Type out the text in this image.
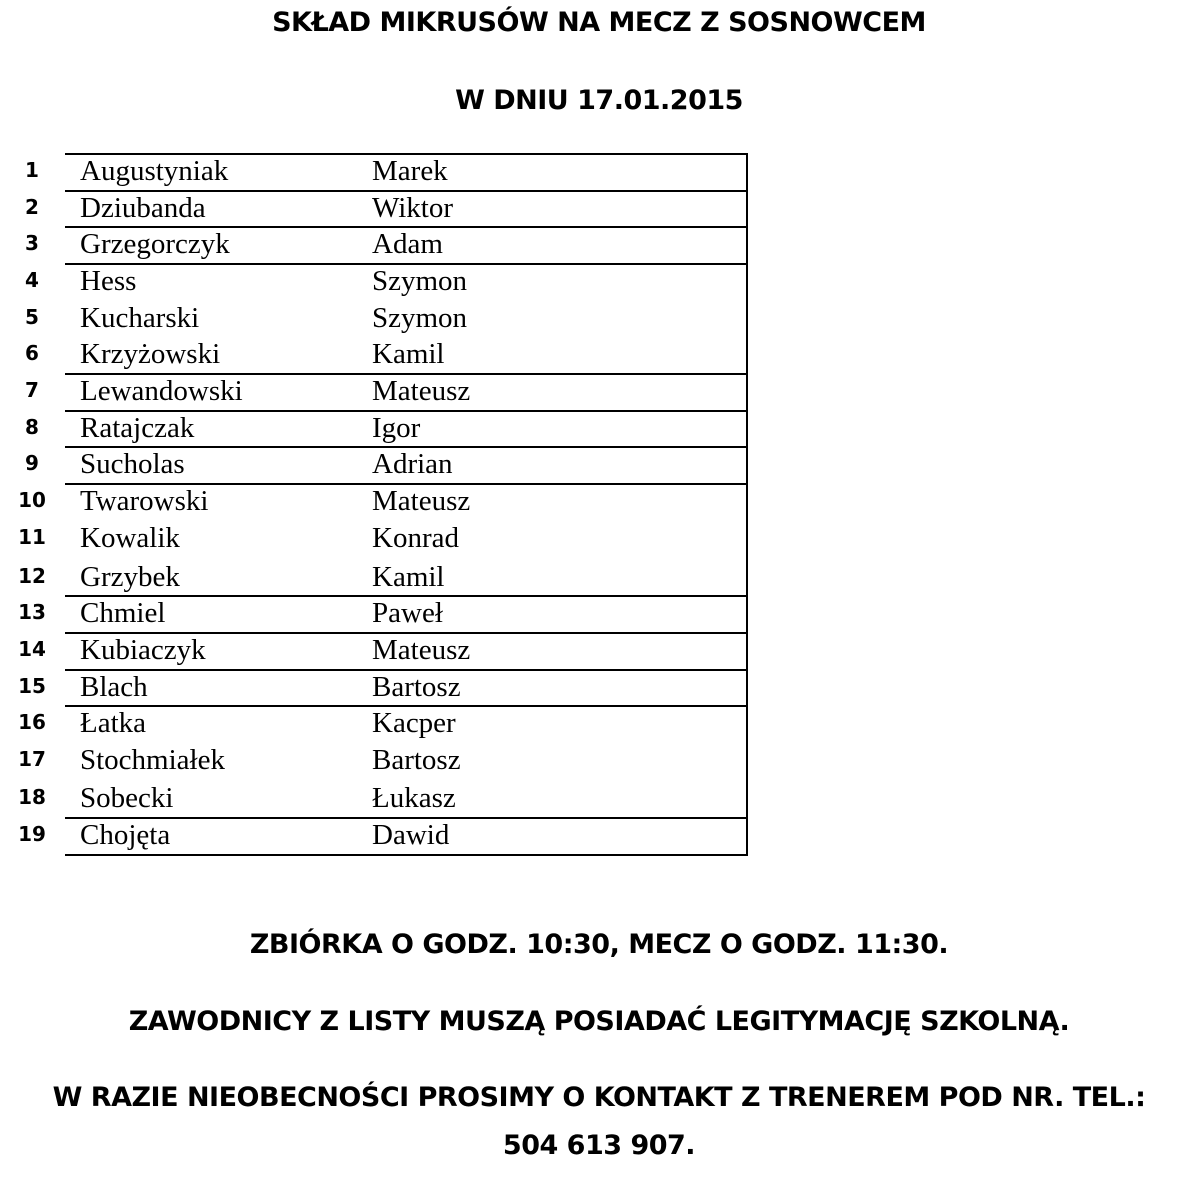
SKŁAD MIKRUSÓW NA MECZ Z SOSNOWCEM
W DNIU 17.01.2015
1	Augustyniak	Marek
2	Dziubanda	Wiktor
3	Grzegorczyk	Adam
4	Hess	Szymon
5	Kucharski	Szymon
6	Krzyżowski	Kamil
7	Lewandowski	Mateusz
8	Ratajczak	Igor
9	Sucholas	Adrian
10	Twarowski	Mateusz
11	Kowalik	Konrad
12	Grzybek	Kamil
13	Chmiel	Paweł
14	Kubiaczyk	Mateusz
15	Blach	Bartosz
16	Łatka	Kacper
17	Stochmiałek	Bartosz
18	Sobecki	Łukasz
19	Chojęta	Dawid
ZBIÓRKA O GODZ. 10:30, MECZ O GODZ. 11:30.
ZAWODNICY Z LISTY MUSZĄ POSIADAĆ LEGITYMACJĘ SZKOLNĄ.
W RAZIE NIEOBECNOŚCI PROSIMY O KONTAKT Z TRENEREM POD NR. TEL.:
504 613 907.
